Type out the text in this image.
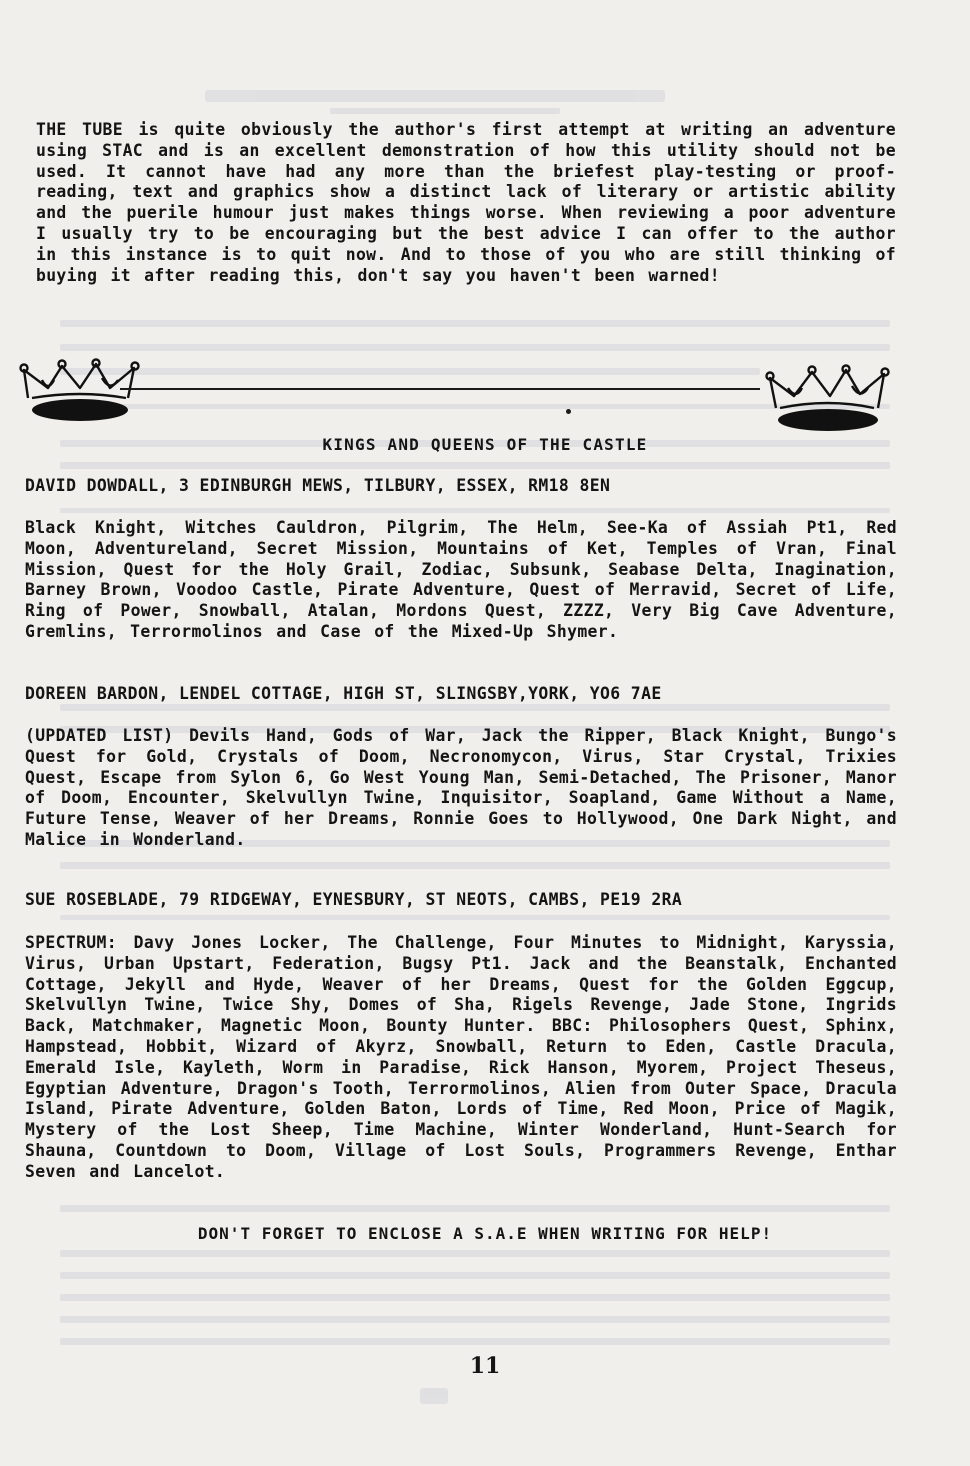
THE TUBE is quite obviously the author's first attempt at writing an adventure using STAC and is an excellent demonstration of how this utility should not be used. It cannot have had any more than the briefest play-testing or proof-reading, text and graphics show a distinct lack of literary or artistic ability and the puerile humour just makes things worse. When reviewing a poor adventure I usually try to be encouraging but the best advice I can offer to the author in this instance is to quit now. And to those of you who are still thinking of buying it after reading this, don't say you haven't been warned!

KINGS AND QUEENS OF THE CASTLE

DAVID DOWDALL, 3 EDINBURGH MEWS, TILBURY, ESSEX, RM18 8EN

Black Knight, Witches Cauldron, Pilgrim, The Helm, See-Ka of Assiah Pt1, Red Moon, Adventureland, Secret Mission, Mountains of Ket, Temples of Vran, Final Mission, Quest for the Holy Grail, Zodiac, Subsunk, Seabase Delta, Inagination, Barney Brown, Voodoo Castle, Pirate Adventure, Quest of Merravid, Secret of Life, Ring of Power, Snowball, Atalan, Mordons Quest, ZZZZ, Very Big Cave Adventure, Gremlins, Terrormolinos and Case of the Mixed-Up Shymer.

DOREEN BARDON, LENDEL COTTAGE, HIGH ST, SLINGSBY,YORK, YO6 7AE

(UPDATED LIST) Devils Hand, Gods of War, Jack the Ripper, Black Knight, Bungo's Quest for Gold, Crystals of Doom, Necronomycon, Virus, Star Crystal, Trixies Quest, Escape from Sylon 6, Go West Young Man, Semi-Detached, The Prisoner, Manor of Doom, Encounter, Skelvullyn Twine, Inquisitor, Soapland, Game Without a Name, Future Tense, Weaver of her Dreams, Ronnie Goes to Hollywood, One Dark Night, and Malice in Wonderland.

SUE ROSEBLADE, 79 RIDGEWAY, EYNESBURY, ST NEOTS, CAMBS, PE19 2RA

SPECTRUM: Davy Jones Locker, The Challenge, Four Minutes to Midnight, Karyssia, Virus, Urban Upstart, Federation, Bugsy Pt1. Jack and the Beanstalk, Enchanted Cottage, Jekyll and Hyde, Weaver of her Dreams, Quest for the Golden Eggcup, Skelvullyn Twine, Twice Shy, Domes of Sha, Rigels Revenge, Jade Stone, Ingrids Back, Matchmaker, Magnetic Moon, Bounty Hunter. BBC: Philosophers Quest, Sphinx, Hampstead, Hobbit, Wizard of Akyrz, Snowball, Return to Eden, Castle Dracula, Emerald Isle, Kayleth, Worm in Paradise, Rick Hanson, Myorem, Project Theseus, Egyptian Adventure, Dragon's Tooth, Terrormolinos, Alien from Outer Space, Dracula Island, Pirate Adventure, Golden Baton, Lords of Time, Red Moon, Price of Magik, Mystery of the Lost Sheep, Time Machine, Winter Wonderland, Hunt-Search for Shauna, Countdown to Doom, Village of Lost Souls, Programmers Revenge, Enthar Seven and Lancelot.

DON'T FORGET TO ENCLOSE A S.A.E WHEN WRITING FOR HELP!
11
